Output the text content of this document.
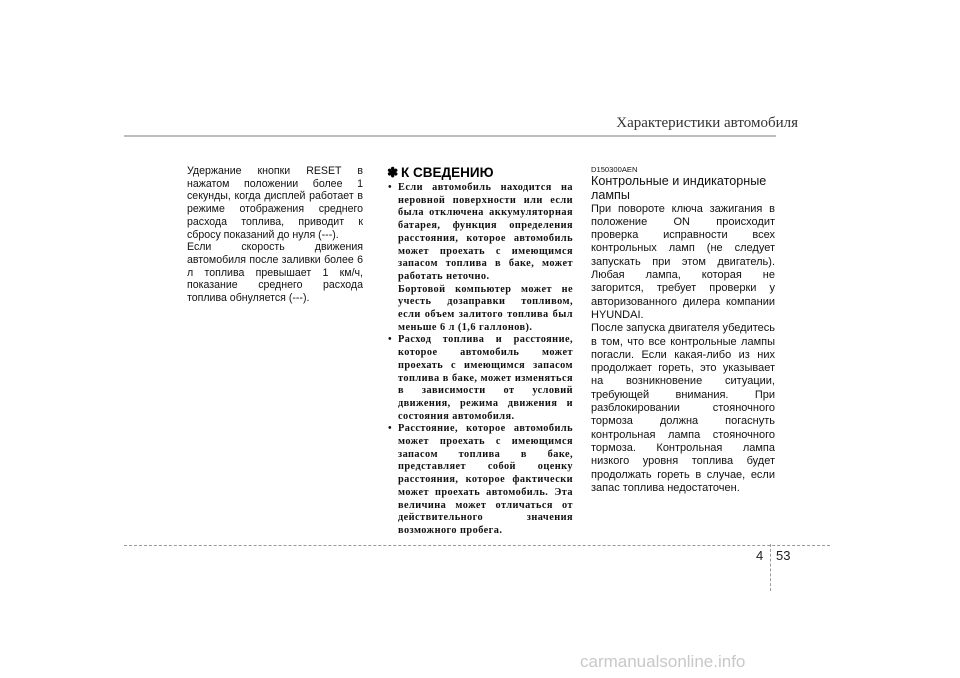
Характеристики автомобиля

Удержание кнопки RESET в нажатом положении более 1 секунды, когда дисплей работает в режиме отображения среднего расхода топлива, приводит к сбросу показаний до нуля (---).

Если скорость движения автомобиля после заливки более 6 л топлива превышает 1 км/ч, показание среднего расхода топлива обнуляется (---).

✽ К СВЕДЕНИЮ
• Если автомобиль находится на неровной поверхности или если была отключена аккумуляторная батарея, функция определения расстояния, которое автомобиль может проехать с имеющимся запасом топлива в баке, может работать неточно.
Бортовой компьютер может не учесть дозаправки топливом, если объем залитого топлива был меньше 6 л (1,6 галлонов).
• Расход топлива и расстояние, которое автомобиль может проехать с имеющимся запасом топлива в баке, может изменяться в зависимости от условий движения, режима движения и состояния автомобиля.
• Расстояние, которое автомобиль может проехать с имеющимся запасом топлива в баке, представляет собой оценку расстояния, которое фактически может проехать автомобиль. Эта величина может отличаться от действительного значения возможного пробега.

D150300AEN

Контрольные и индикаторные лампы

При повороте ключа зажигания в положение ON происходит проверка исправности всех контрольных ламп (не следует запускать при этом двигатель). Любая лампа, которая не загорится, требует проверки у авторизованного дилера компании HYUNDAI.

После запуска двигателя убедитесь в том, что все контрольные лампы погасли. Если какая-либо из них продолжает гореть, это указывает на возникновение ситуации, требующей внимания. При разблокировании стояночного тормоза должна погаснуть контрольная лампа стояночного тормоза. Контрольная лампа низкого уровня топлива будет продолжать гореть в случае, если запас топлива недостаточен.

4 53
carmanualsonline.info
